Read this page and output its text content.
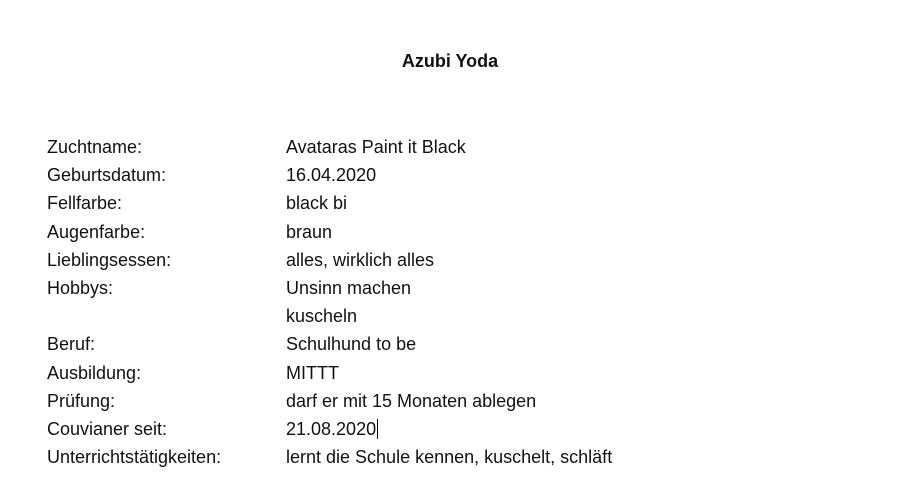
Azubi Yoda
Zuchtname:	Avataras Paint it Black
Geburtsdatum:	16.04.2020
Fellfarbe:	black bi
Augenfarbe:	braun
Lieblingsessen:	alles, wirklich alles
Hobbys:	Unsinn machen
kuscheln
Beruf:	Schulhund to be
Ausbildung:	MITTT
Prüfung:	darf er mit 15 Monaten ablegen
Couvianer seit:	21.08.2020
Unterrichtstätigkeiten:	lernt die Schule kennen, kuschelt, schläft
